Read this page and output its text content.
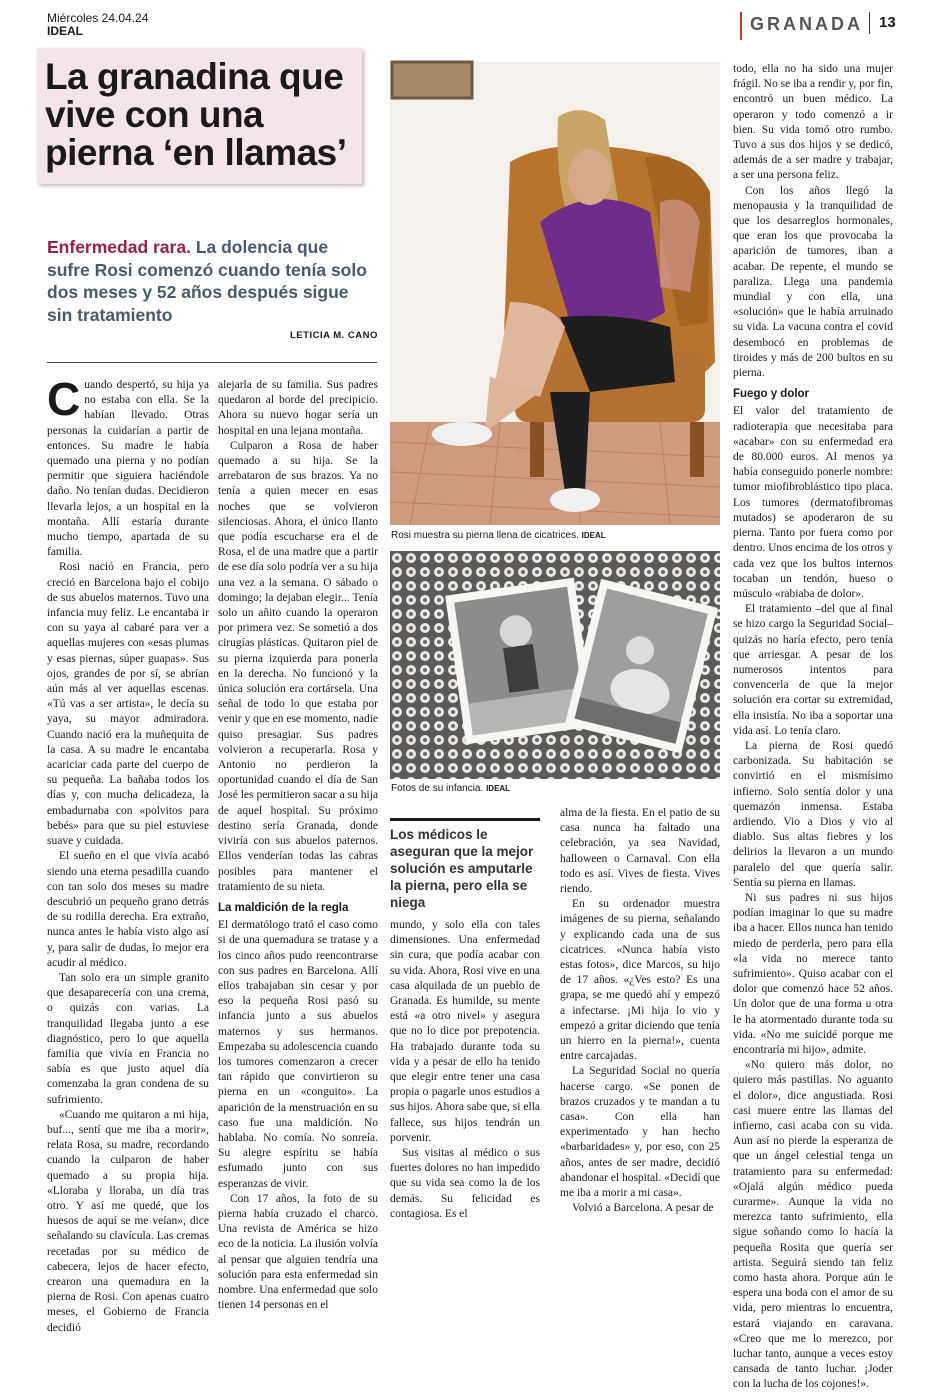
Miércoles 24.04.24
IDEAL	GRANADA 13
La granadina que vive con una pierna ‘en llamas’
Enfermedad rara. La dolencia que sufre Rosi comenzó cuando tenía solo dos meses y 52 años después sigue sin tratamiento
LETICIA M. CANO
Rosi muestra su pierna llena de cicatrices. IDEAL
Fotos de su infancia. IDEAL
Los médicos le aseguran que la mejor solución es amputarle la pierna, pero ella se niega

Cuando despertó, su hija ya no estaba con ella. Se la habían llevado. Otras personas la cuidarían a partir de entonces. Su madre le había quemado una pierna y no podían permitir que siguiera haciéndole daño. No tenían dudas. Decidieron llevarla lejos, a un hospital en la montaña. Allí estaría durante mucho tiempo, apartada de su familia.

Rosi nació en Francia, pero creció en Barcelona bajo el cobijo de sus abuelos maternos. Tuvo una infancia muy feliz. Le encantaba ir con su yaya al cabaré para ver a aquellas mujeres con «esas plumas y esas piernas, súper guapas». Sus ojos, grandes de por sí, se abrían aún más al ver aquellas escenas. «Tú vas a ser artista», le decía su yaya, su mayor admiradora. Cuando nació era la muñequita de la casa. A su madre le encantaba acariciar cada parte del cuerpo de su pequeña. La bañaba todos los días y, con mucha delicadeza, la embadurnaba con «polvitos para bebés» para que su piel estuviese suave y cuidada.

El sueño en el que vivía acabó siendo una eterna pesadilla cuando con tan solo dos meses su madre descubrió un pequeño grano detrás de su rodilla derecha. Era extraño, nunca antes le había visto algo así y, para salir de dudas, lo mejor era acudir al médico.

Tan solo era un simple granito que desaparecería con una crema, o quizás con varias. La tranquilidad llegaba junto a ese diagnóstico, pero lo que aquella familia que vivía en Francia no sabía es que justo aquel día comenzaba la gran condena de su sufrimiento.

«Cuando me quitaron a mi hija, buf..., sentí que me iba a morir», relata Rosa, su madre, recordando cuando la culparon de haber quemado a su propia hija. «Lloraba y lloraba, un día tras otro. Y así me quedé, que los huesos de aquí se me veían», dice señalando su clavícula. Las cremas recetadas por su médico de cabecera, lejos de hacer efecto, crearon una quemadura en la pierna de Rosi. Con apenas cuatro meses, el Gobierno de Francia decidió

alejarla de su familia. Sus padres quedaron al borde del precipicio. Ahora su nuevo hogar sería un hospital en una lejana montaña.

Culparon a Rosa de haber quemado a su hija. Se la arrebataron de sus brazos. Ya no tenía a quien mecer en esas noches que se volvieron silenciosas. Ahora, el único llanto que podía escucharse era el de Rosa, el de una madre que a partir de ese día solo podría ver a su hija una vez a la semana. O sábado o domingo; la dejaban elegir... Tenía solo un añito cuando la operaron por primera vez. Se sometió a dos cirugías plásticas. Quitaron piel de su pierna izquierda para ponerla en la derecha. No funcionó y la única solución era cortársela. Una señal de todo lo que estaba por venir y que en ese momento, nadie quiso presagiar. Sus padres volvieron a recuperarla. Rosa y Antonio no perdieron la oportunidad cuando el día de San José les permitieron sacar a su hija de aquel hospital. Su próximo destino sería Granada, donde viviría con sus abuelos paternos. Ellos venderían todas las cabras posibles para mantener el tratamiento de su nieta.

La maldición de la regla

El dermatólogo trató el caso como si de una quemadura se tratase y a los cinco años pudo reencontrarse con sus padres en Barcelona. Allí ellos trabajaban sin cesar y por eso la pequeña Rosi pasó su infancia junto a sus abuelos maternos y sus hermanos. Empezaba su adolescencia cuando los tumores comenzaron a crecer tan rápido que convirtieron su pierna en un «conguito». La aparición de la menstruación en su caso fue una maldición. No hablaba. No comía. No sonreía. Su alegre espíritu se había esfumado junto con sus esperanzas de vivir.

Con 17 años, la foto de su pierna había cruzado el charco. Una revista de América se hizo eco de la noticia. La ilusión volvía al pensar que alguien tendría una solución para esta enfermedad sin nombre. Una enfermedad que solo tienen 14 personas en el

mundo, y solo ella con tales dimensiones. Una enfermedad sin cura, que podía acabar con su vida. Ahora, Rosi vive en una casa alquilada de un pueblo de Granada. Es humilde, su mente está «a otro nivel» y asegura que no lo dice por prepotencia. Ha trabajado durante toda su vida y a pesar de ello ha tenido que elegir entre tener una casa propia o pagarle unos estudios a sus hijos. Ahora sabe que, si ella fallece, sus hijos tendrán un porvenir.

Sus visitas al médico o sus fuertes dolores no han impedido que su vida sea como la de los demás. Su felicidad es contagiosa. Es el

alma de la fiesta. En el patio de su casa nunca ha faltado una celebración, ya sea Navidad, halloween o Carnaval. Con ella todo es así. Vives de fiesta. Vives riendo.

En su ordenador muestra imágenes de su pierna, señalando y explicando cada una de sus cicatrices. «Nunca había visto estas fotos», dice Marcos, su hijo de 17 años. «¿Ves esto? Es una grapa, se me quedó ahí y empezó a infectarse. ¡Mi hija lo vio y empezó a gritar diciendo que tenía un hierro en la pierna!», cuenta entre carcajadas.

La Seguridad Social no quería hacerse cargo. «Se ponen de brazos cruzados y te mandan a tu casa». Con ella han experimentado y han hecho «barbaridades» y, por eso, con 25 años, antes de ser madre, decidió abandonar el hospital. «Decidí que me iba a morir a mi casa».

Volvió a Barcelona. A pesar de

todo, ella no ha sido una mujer frágil. No se iba a rendir y, por fin, encontró un buen médico. La operaron y todo comenzó a ir bien. Su vida tomó otro rumbo. Tuvo a sus dos hijos y se dedicó, además de a ser madre y trabajar, a ser una persona feliz.

Con los años llegó la menopausia y la tranquilidad de que los desarreglos hormonales, que eran los que provocaba la aparición de tumores, iban a acabar. De repente, el mundo se paraliza. Llega una pandemia mundial y con ella, una «solución» que le había arruinado su vida. La vacuna contra el covid desembocó en problemas de tiroides y más de 200 bultos en su pierna.

Fuego y dolor

El valor del tratamiento de radioterapia que necesitaba para «acabar» con su enfermedad era de 80.000 euros. Al menos ya había conseguido ponerle nombre: tumor miofibroblástico tipo placa. Los tumores (dermatofibromas mutados) se apoderaron de su pierna. Tanto por fuera como por dentro. Unos encima de los otros y cada vez que los bultos internos tocaban un tendón, hueso o músculo «rabiaba de dolor».

El tratamiento –del que al final se hizo cargo la Seguridad Social– quizás no haría efecto, pero tenía que arriesgar. A pesar de los numerosos intentos para convencerla de que la mejor solución era cortar su extremidad, ella insistía. No iba a soportar una vida así. Lo tenía claro.

La pierna de Rosi quedó carbonizada. Su habitación se convirtió en el mismísimo infierno. Solo sentía dolor y una quemazón inmensa. Estaba ardiendo. Vio a Dios y vio al diablo. Sus altas fiebres y los delirios la llevaron a un mundo paralelo del que quería salir. Sentía su pierna en llamas.

Ni sus padres ni sus hijos podían imaginar lo que su madre iba a hacer. Ellos nunca han tenido miedo de perderla, pero para ella «la vida no merece tanto sufrimiento». Quiso acabar con el dolor que comenzó hace 52 años. Un dolor que de una forma u otra le ha atormentado durante toda su vida. «No me suicidé porque me encontraría mi hijo», admite.

«No quiero más dolor, no quiero más pastillas. No aguanto el dolor», dice angustiada. Rosi casi muere entre las llamas del infierno, casi acaba con su vida. Aun así no pierde la esperanza de que un ángel celestial tenga un tratamiento para su enfermedad: «Ojalá algún médico pueda curarme». Aunque la vida no merezca tanto sufrimiento, ella sigue soñando como lo hacía la pequeña Rosita que quería ser artista. Seguirá siendo tan feliz como hasta ahora. Porque aún le espera una boda con el amor de su vida, pero mientras lo encuentra, estará viajando en caravana. «Creo que me lo merezco, por luchar tanto, aunque a veces estoy cansada de tanto luchar. ¡Joder con la lucha de los cojones!».
